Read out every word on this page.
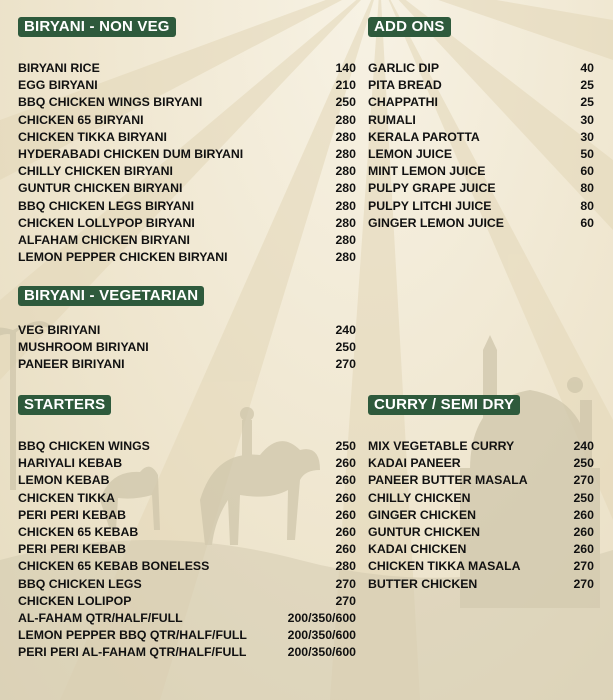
BIRYANI - NON VEG
BIRYANI RICE	140
EGG BIRYANI	210
BBQ CHICKEN WINGS BIRYANI	250
CHICKEN 65 BIRYANI	280
CHICKEN TIKKA BIRYANI	280
HYDERABADI CHICKEN DUM BIRYANI	280
CHILLY CHICKEN BIRYANI	280
GUNTUR CHICKEN BIRYANI	280
BBQ CHICKEN LEGS BIRYANI	280
CHICKEN LOLLYPOP BIRYANI	280
ALFAHAM CHICKEN BIRYANI	280
LEMON PEPPER CHICKEN BIRYANI	280
ADD ONS
GARLIC DIP	40
PITA BREAD	25
CHAPPATHI	25
RUMALI	30
KERALA PAROTTA	30
LEMON JUICE	50
MINT LEMON JUICE	60
PULPY GRAPE JUICE	80
PULPY LITCHI JUICE	80
GINGER LEMON JUICE	60
BIRYANI - VEGETARIAN
VEG BIRIYANI	240
MUSHROOM BIRIYANI	250
PANEER BIRIYANI	270
STARTERS
BBQ CHICKEN WINGS	250
HARIYALI KEBAB	260
LEMON KEBAB	260
CHICKEN TIKKA	260
PERI PERI KEBAB	260
CHICKEN 65 KEBAB	260
PERI PERI KEBAB	260
CHICKEN 65 KEBAB BONELESS	280
BBQ CHICKEN LEGS	270
CHICKEN LOLIPOP	270
AL-FAHAM QTR/HALF/FULL	200/350/600
LEMON PEPPER BBQ QTR/HALF/FULL	200/350/600
PERI PERI AL-FAHAM QTR/HALF/FULL	200/350/600
CURRY / SEMI DRY
MIX VEGETABLE CURRY	240
KADAI PANEER	250
PANEER BUTTER MASALA	270
CHILLY CHICKEN	250
GINGER CHICKEN	260
GUNTUR CHICKEN	260
KADAI CHICKEN	260
CHICKEN TIKKA MASALA	270
BUTTER CHICKEN	270
